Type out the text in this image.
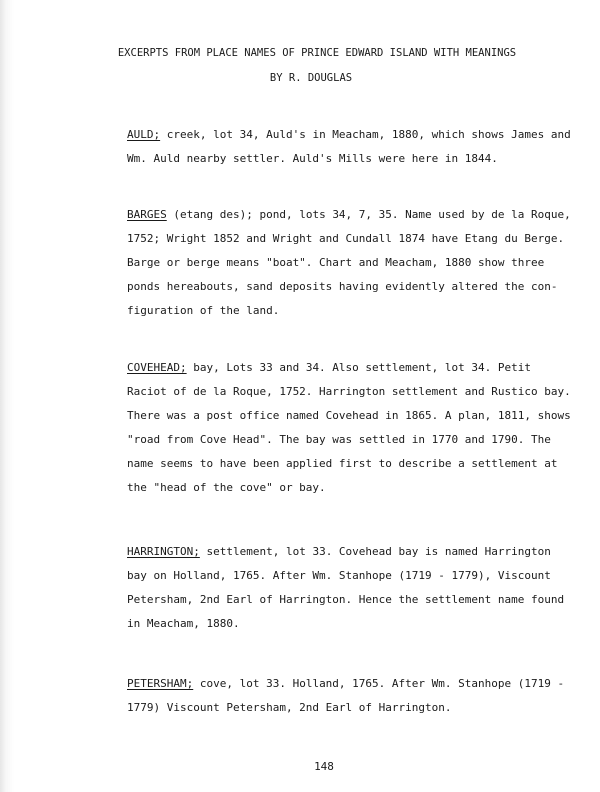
EXCERPTS FROM PLACE NAMES OF PRINCE EDWARD ISLAND WITH MEANINGS
BY R. DOUGLAS
AULD; creek, lot 34, Auld's in Meacham, 1880, which shows James and
Wm. Auld nearby settler. Auld's Mills were here in 1844.
BARGES (etang des); pond, lots 34, 7, 35. Name used by de la Roque,
1752; Wright 1852 and Wright and Cundall 1874 have Etang du Berge.
Barge or berge means "boat". Chart and Meacham, 1880 show three
ponds hereabouts, sand deposits having evidently altered the con-
figuration of the land.
COVEHEAD; bay, Lots 33 and 34. Also settlement, lot 34. Petit
Raciot of de la Roque, 1752. Harrington settlement and Rustico bay.
There was a post office named Covehead in 1865. A plan, 1811, shows
"road from Cove Head". The bay was settled in 1770 and 1790. The
name seems to have been applied first to describe a settlement at
the "head of the cove" or bay.
HARRINGTON; settlement, lot 33. Covehead bay is named Harrington
bay on Holland, 1765. After Wm. Stanhope (1719 - 1779), Viscount
Petersham, 2nd Earl of Harrington. Hence the settlement name found
in Meacham, 1880.
PETERSHAM; cove, lot 33. Holland, 1765. After Wm. Stanhope (1719 -
1779) Viscount Petersham, 2nd Earl of Harrington.
148
